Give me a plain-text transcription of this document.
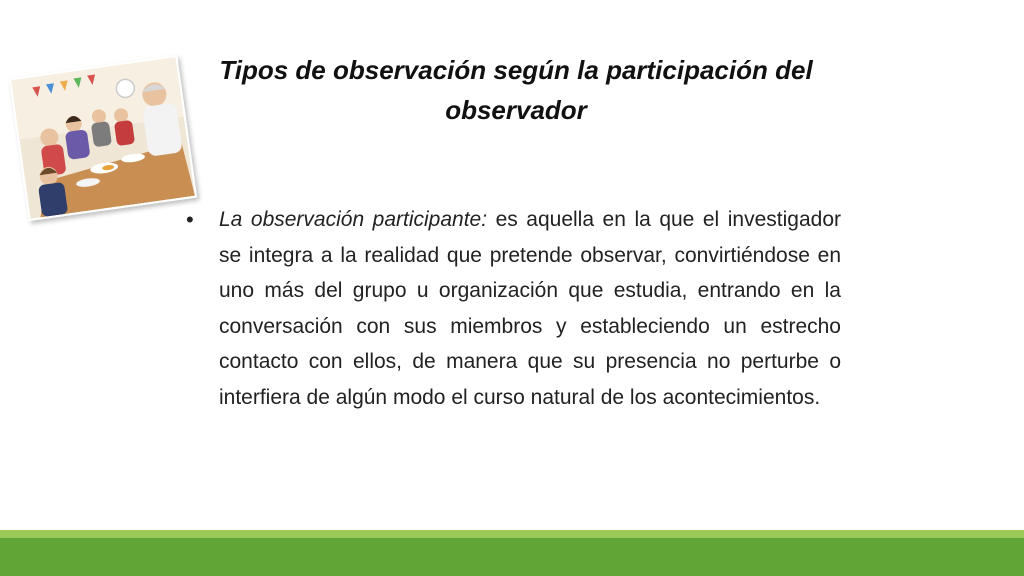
Tipos de observación según la participación del observador
• La observación participante: es aquella en la que el investigador se integra a la realidad que pretende observar, convirtiéndose en uno más del grupo u organización que estudia, entrando en la conversación con sus miembros y estableciendo un estrecho contacto con ellos, de manera que su presencia no perturbe o interfiera de algún modo el curso natural de los acontecimientos.
